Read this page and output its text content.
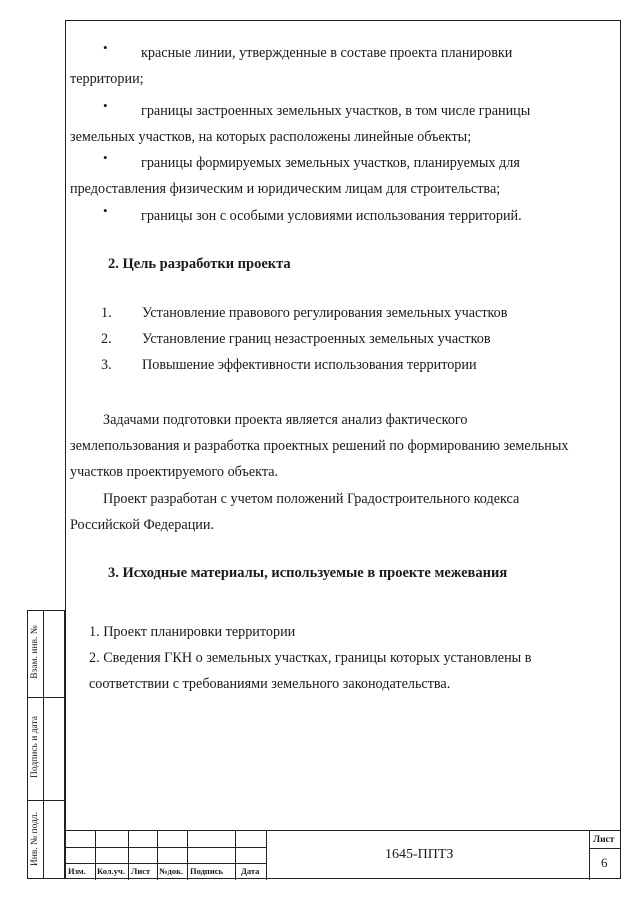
• красные линии, утвержденные в составе проекта планировки
территории;
• границы застроенных земельных участков, в том числе границы
земельных участков, на которых расположены линейные объекты;
• границы формируемых земельных участков, планируемых для
предоставления физическим и юридическим лицам для строительства;
• границы зон с особыми условиями использования территорий.
2. Цель разработки проекта
1. Установление правового регулирования земельных участков
2. Установление границ незастроенных земельных участков
3. Повышение эффективности использования территории
Задачами подготовки проекта является анализ фактического
землепользования и разработка проектных решений по формированию земельных
участков проектируемого объекта.
Проект разработан с учетом положений Градостроительного кодекса
Российской Федерации.
3. Исходные материалы, используемые в проекте межевания
1. Проект планировки территории
2. Сведения ГКН о земельных участках, границы которых установлены в
соответствии с требованиями земельного законодательства.
Взам. инв. №
Подпись и дата
Инв. № подл.
Изм. Кол.уч. Лист №док. Подпись Дата
1645-ППТЗ
Лист
6
